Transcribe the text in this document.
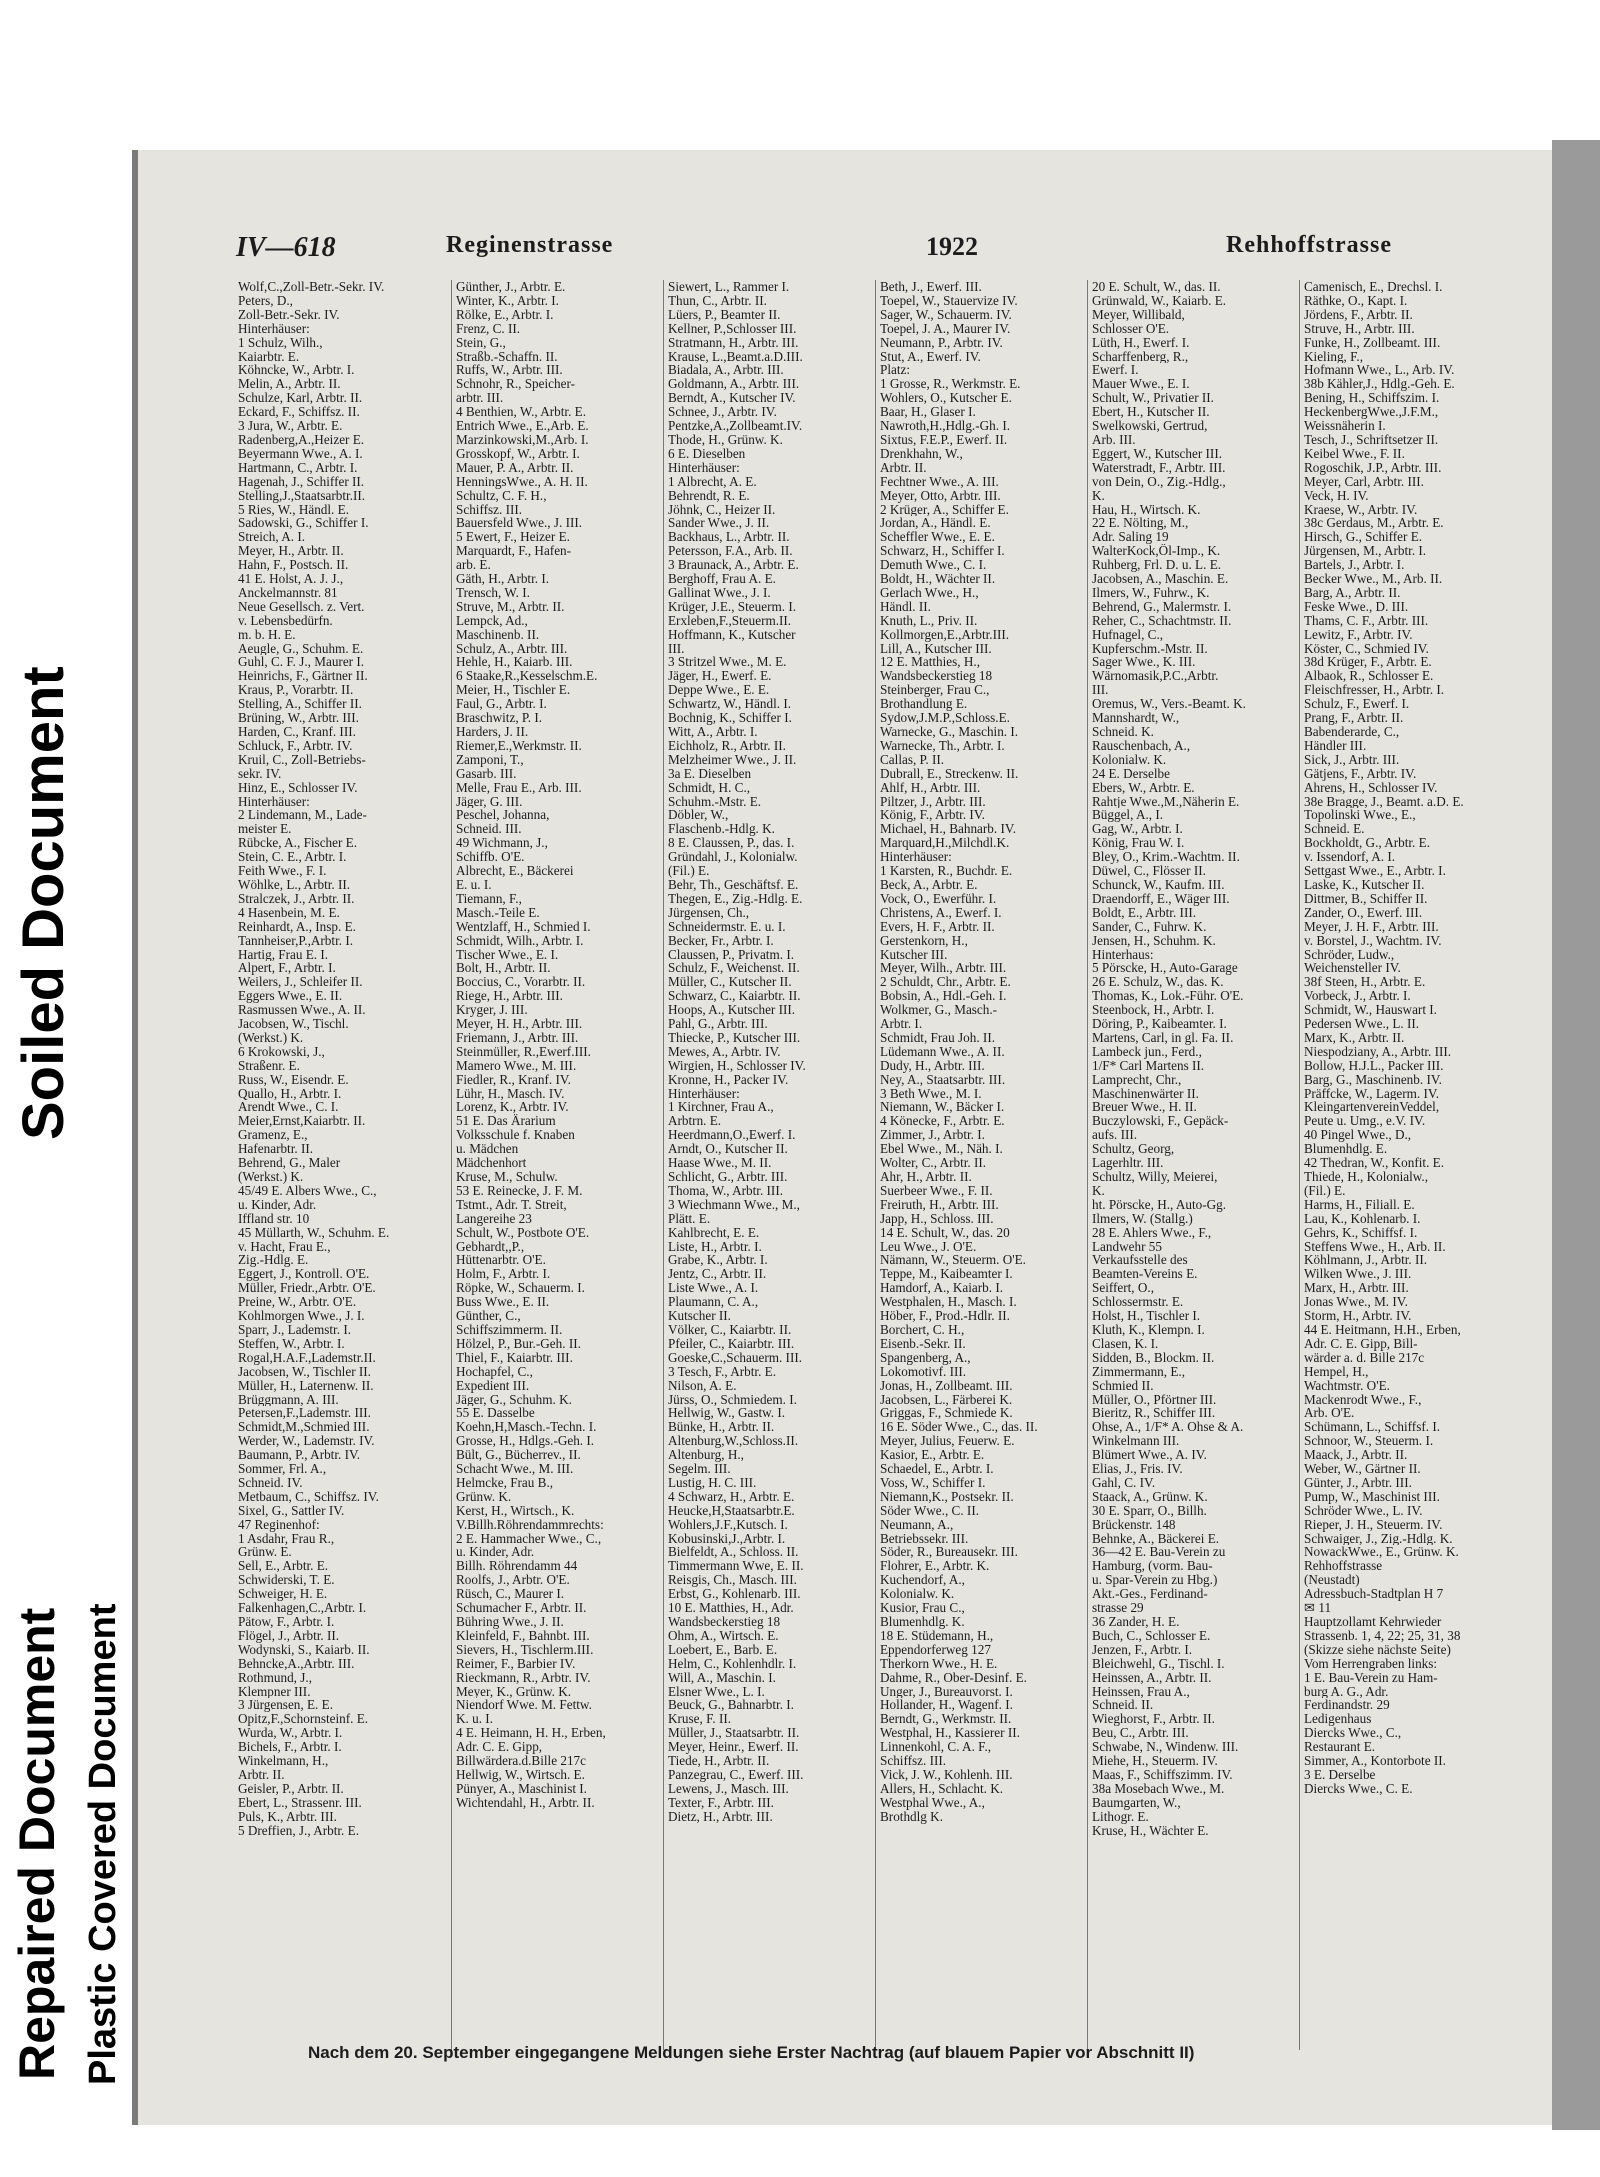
Soiled Document
Repaired Document Plastic Covered Document
IV—618	Reginenstrasse	1922	Rehhoffstrasse
Wolf,C.,Zoll-Betr.-Sekr. IV.
Peters, D.,
Zoll-Betr.-Sekr. IV.
Hinterhäuser:
1 Schulz, Wilh.,
Kaiarbtr. E.
Köhncke, W., Arbtr. I.
Melin, A., Arbtr. II.
Schulze, Karl, Arbtr. II.
Eckard, F., Schiffsz. II.
3 Jura, W., Arbtr. E.
Radenberg,A.,Heizer E.
Beyermann Wwe., A. I.
Hartmann, C., Arbtr. I.
Hagenah, J., Schiffer II.
Stelling,J.,Staatsarbtr.II.
5 Ries, W., Händl. E.
Sadowski, G., Schiffer I.
Streich, A. I.
Meyer, H., Arbtr. II.
Hahn, F., Postsch. II.
41 E. Holst, A. J. J.,
Anckelmannstr. 81
Neue Gesellsch. z. Vert.
v. Lebensbedürfn.
m. b. H. E.
Aeugle, G., Schuhm. E.
Guhl, C. F. J., Maurer I.
Heinrichs, F., Gärtner II.
Kraus, P., Vorarbtr. II.
Stelling, A., Schiffer II.
Brüning, W., Arbtr. III.
Harden, C., Kranf. III.
Schluck, F., Arbtr. IV.
Kruil, C., Zoll-Betriebs-
sekr. IV.
Hinz, E., Schlosser IV.
Hinterhäuser:
2 Lindemann, M., Lade-
meister E.
Rübcke, A., Fischer E.
Stein, C. E., Arbtr. I.
Feith Wwe., F. I.
Wöhlke, L., Arbtr. II.
Stralczek, J., Arbtr. II.
4 Hasenbein, M. E.
Reinhardt, A., Insp. E.
Tannheiser,P.,Arbtr. I.
Hartig, Frau E. I.
Alpert, F., Arbtr. I.
Weilers, J., Schleifer II.
Eggers Wwe., E. II.
Rasmussen Wwe., A. II.
Jacobsen, W., Tischl.
(Werkst.) K.
6 Krokowski, J.,
Straßenr. E.
Russ, W., Eisendr. E.
Quallo, H., Arbtr. I.
Arendt Wwe., C. I.
Meier,Ernst,Kaiarbtr. II.
Gramenz, E.,
Hafenarbtr. II.
Behrend, G., Maler
(Werkst.) K.
45/49 E. Albers Wwe., C.,
u. Kinder, Adr.
Iffland str. 10
45 Müllarth, W., Schuhm. E.
v. Hacht, Frau E.,
Zig.-Hdlg. E.
Eggert, J., Kontroll. O'E.
Müller, Friedr.,Arbtr. O'E.
Preine, W., Arbtr. O'E.
Kohlmorgen Wwe., J. I.
Sparr, J., Lademstr. I.
Steffen, W., Arbtr. I.
Rogal,H.A.F.,Lademstr.II.
Jacobsen, W., Tischler II.
Müller, H., Laternenw. II.
Brüggmann, A. III.
Petersen,F.,Lademstr. III.
Schmidt,M.,Schmied III.
Werder, W., Lademstr. IV.
Baumann, P., Arbtr. IV.
Sommer, Frl. A.,
Schneid. IV.
Metbaum, C., Schiffsz. IV.
Sixel, G., Sattler IV.
47 Reginenhof:
1 Asdahr, Frau R.,
Grünw. E.
Sell, E., Arbtr. E.
Schwiderski, T. E.
Schweiger, H. E.
Falkenhagen,C.,Arbtr. I.
Pätow, F., Arbtr. I.
Flögel, J., Arbtr. II.
Wodynski, S., Kaiarb. II.
Behncke,A.,Arbtr. III.
Rothmund, J.,
Klempner III.
3 Jürgensen, E. E.
Opitz,F.,Schornsteinf. E.
Wurda, W., Arbtr. I.
Bichels, F., Arbtr. I.
Winkelmann, H.,
Arbtr. II.
Geisler, P., Arbtr. II.
Ebert, L., Strassenr. III.
Puls, K., Arbtr. III.
5 Dreffien, J., Arbtr. E.
Günther, J., Arbtr. E.
Winter, K., Arbtr. I.
Rölke, E., Arbtr. I.
Frenz, C. II.
Stein, G.,
Straßb.-Schaffn. II.
Ruffs, W., Arbtr. III.
Schnohr, R., Speicher-
arbtr. III.
4 Benthien, W., Arbtr. E.
Entrich Wwe., E.,Arb. E.
Marzinkowski,M.,Arb. I.
Grosskopf, W., Arbtr. I.
Mauer, P. A., Arbtr. II.
HenningsWwe., A. H. II.
Schultz, C. F. H.,
Schiffsz. III.
Bauersfeld Wwe., J. III.
5 Ewert, F., Heizer E.
Marquardt, F., Hafen-
arb. E.
Gäth, H., Arbtr. I.
Trensch, W. I.
Struve, M., Arbtr. II.
Lempck, Ad.,
Maschinenb. II.
Schulz, A., Arbtr. III.
Hehle, H., Kaiarb. III.
6 Staake,R.,Kesselschm.E.
Meier, H., Tischler E.
Faul, G., Arbtr. I.
Braschwitz, P. I.
Harders, J. II.
Riemer,E.,Werkmstr. II.
Zamponi, T.,
Gasarb. III.
Melle, Frau E., Arb. III.
Jäger, G. III.
Peschel, Johanna,
Schneid. III.
49 Wichmann, J.,
Schiffb. O'E.
Albrecht, E., Bäckerei
E. u. I.
Tiemann, F.,
Masch.-Teile E.
Wentzlaff, H., Schmied I.
Schmidt, Wilh., Arbtr. I.
Tischer Wwe., E. I.
Bolt, H., Arbtr. II.
Boccius, C., Vorarbtr. II.
Riege, H., Arbtr. III.
Kryger, J. III.
Meyer, H. H., Arbtr. III.
Friemann, J., Arbtr. III.
Steinmüller, R.,Ewerf.III.
Mamero Wwe., M. III.
Fiedler, R., Kranf. IV.
Lühr, H., Masch. IV.
Lorenz, K., Arbtr. IV.
51 E. Das Ärarium
Volksschule f. Knaben
u. Mädchen
Mädchenhort
Kruse, M., Schulw.
53 E. Reinecke, J. F. M.
Tstmt., Adr. T. Streit,
Langereihe 23
Schult, W., Postbote O'E.
Gebhardt,,P.,
Hüttenarbtr. O'E.
Holm, F., Arbtr. I.
Röpke, W., Schauerm. I.
Buss Wwe., E. II.
Günther, C.,
Schiffszimmerm. II.
Hölzel, P., Bur.-Geh. II.
Thiel, F., Kaiarbtr. III.
Hochapfel, C.,
Expedient III.
Jäger, G., Schuhm. K.
55 E. Dasselbe
Koehn,H,Masch.-Techn. I.
Grosse, H., Hdlgs.-Geh. I.
Bült, G., Bücherrev., II.
Schacht Wwe., M. III.
Helmcke, Frau B.,
Grünw. K.
Kerst, H., Wirtsch., K.
V.Billh.Röhrendammrechts:
2 E. Hammacher Wwe., C.,
u. Kinder, Adr.
Billh. Röhrendamm 44
Roolfs, J., Arbtr. O'E.
Rüsch, C., Maurer I.
Schumacher F., Arbtr. II.
Bühring Wwe., J. II.
Kleinfeld, F., Bahnbt. III.
Sievers, H., Tischlerm.III.
Reimer, F., Barbier IV.
Rieckmann, R., Arbtr. IV.
Meyer, K., Grünw. K.
Niendorf Wwe. M. Fettw.
K. u. I.
4 E. Heimann, H. H., Erben,
Adr. C. E. Gipp,
Billwärdera.d.Bille 217c
Hellwig, W., Wirtsch. E.
Pünyer, A., Maschinist I.
Wichtendahl, H., Arbtr. II.
Siewert, L., Rammer I.
Thun, C., Arbtr. II.
Lüers, P., Beamter II.
Kellner, P.,Schlosser III.
Stratmann, H., Arbtr. III.
Krause, L.,Beamt.a.D.III.
Biadala, A., Arbtr. III.
Goldmann, A., Arbtr. III.
Berndt, A., Kutscher IV.
Schnee, J., Arbtr. IV.
Pentzke,A.,Zollbeamt.IV.
Thode, H., Grünw. K.
6 E. Dieselben
Hinterhäuser:
1 Albrecht, A. E.
Behrendt, R. E.
Jöhnk, C., Heizer II.
Sander Wwe., J. II.
Backhaus, L., Arbtr. II.
Petersson, F.A., Arb. II.
3 Braunack, A., Arbtr. E.
Berghoff, Frau A. E.
Gallinat Wwe., J. I.
Krüger, J.E., Steuerm. I.
Erxleben,F.,Steuerm.II.
Hoffmann, K., Kutscher
III.
3 Stritzel Wwe., M. E.
Jäger, H., Ewerf. E.
Deppe Wwe., E. E.
Schwartz, W., Händl. I.
Bochnig, K., Schiffer I.
Witt, A., Arbtr. I.
Eichholz, R., Arbtr. II.
Melzheimer Wwe., J. II.
3a E. Dieselben
Schmidt, H. C.,
Schuhm.-Mstr. E.
Döbler, W.,
Flaschenb.-Hdlg. K.
8 E. Claussen, P., das. I.
Gründahl, J., Kolonialw.
(Fil.) E.
Behr, Th., Geschäftsf. E.
Thegen, E., Zig.-Hdlg. E.
Jürgensen, Ch.,
Schneidermstr. E. u. I.
Becker, Fr., Arbtr. I.
Claussen, P., Privatm. I.
Schulz, F., Weichenst. II.
Müller, C., Kutscher II.
Schwarz, C., Kaiarbtr. II.
Hoops, A., Kutscher III.
Pahl, G., Arbtr. III.
Thiecke, P., Kutscher III.
Mewes, A., Arbtr. IV.
Wirgien, H., Schlosser IV.
Kronne, H., Packer IV.
Hinterhäuser:
1 Kirchner, Frau A.,
Arbtrn. E.
Heerdmann,O.,Ewerf. I.
Arndt, O., Kutscher II.
Haase Wwe., M. II.
Schlicht, G., Arbtr. III.
Thoma, W., Arbtr. III.
3 Wiechmann Wwe., M.,
Plätt. E.
Kahlbrecht, E. E.
Liste, H., Arbtr. I.
Grabe, K., Arbtr. I.
Jentz, C., Arbtr. II.
Liste Wwe., A. I.
Plaumann, C. A.,
Kutscher II.
Völker, C., Kaiarbtr. II.
Pfeiler, C., Kaiarbtr. III.
Goeske,C.,Schauerm. III.
3 Tesch, F., Arbtr. E.
Nilson, A. E.
Jürss, O., Schmiedem. I.
Hellwig, W., Gastw. I.
Bünke, H., Arbtr. II.
Altenburg,W.,Schloss.II.
Altenburg, H.,
Segelm. III.
Lustig, H. C. III.
4 Schwarz, H., Arbtr. E.
Heucke,H,Staatsarbtr.E.
Wohlers,J.F.,Kutsch. I.
Kobusinski,J.,Arbtr. I.
Bielfeldt, A., Schloss. II.
Timmermann Wwe, E. II.
Reisgis, Ch., Masch. III.
Erbst, G., Kohlenarb. III.
10 E. Matthies, H., Adr.
Wandsbeckerstieg 18
Ohm, A., Wirtsch. E.
Loebert, E., Barb. E.
Helm, C., Kohlenhdlr. I.
Will, A., Maschin. I.
Elsner Wwe., L. I.
Beuck, G., Bahnarbtr. I.
Kruse, F. II.
Müller, J., Staatsarbtr. II.
Meyer, Heinr., Ewerf. II.
Tiede, H., Arbtr. II.
Panzegrau, C., Ewerf. III.
Lewens, J., Masch. III.
Texter, F., Arbtr. III.
Dietz, H., Arbtr. III.
Beth, J., Ewerf. III.
Toepel, W., Stauervize IV.
Sager, W., Schauerm. IV.
Toepel, J. A., Maurer IV.
Neumann, P., Arbtr. IV.
Stut, A., Ewerf. IV.
Platz:
1 Grosse, R., Werkmstr. E.
Wohlers, O., Kutscher E.
Baar, H., Glaser I.
Nawroth,H.,Hdlg.-Gh. I.
Sixtus, F.E.P., Ewerf. II.
Drenkhahn, W.,
Arbtr. II.
Fechtner Wwe., A. III.
Meyer, Otto, Arbtr. III.
2 Krüger, A., Schiffer E.
Jordan, A., Händl. E.
Scheffler Wwe., E. E.
Schwarz, H., Schiffer I.
Demuth Wwe., C. I.
Boldt, H., Wächter II.
Gerlach Wwe., H.,
Händl. II.
Knuth, L., Priv. II.
Kollmorgen,E.,Arbtr.III.
Lill, A., Kutscher III.
12 E. Matthies, H.,
Wandsbeckerstieg 18
Steinberger, Frau C.,
Brothandlung E.
Sydow,J.M.P.,Schloss.E.
Warnecke, G., Maschin. I.
Warnecke, Th., Arbtr. I.
Callas, P. II.
Dubrall, E., Streckenw. II.
Ahlf, H., Arbtr. III.
Piltzer, J., Arbtr. III.
König, F., Arbtr. IV.
Michael, H., Bahnarb. IV.
Marquard,H.,Milchdl.K.
Hinterhäuser:
1 Karsten, R., Buchdr. E.
Beck, A., Arbtr. E.
Vock, O., Ewerführ. I.
Christens, A., Ewerf. I.
Evers, H. F., Arbtr. II.
Gerstenkorn, H.,
Kutscher III.
Meyer, Wilh., Arbtr. III.
2 Schuldt, Chr., Arbtr. E.
Bobsin, A., Hdl.-Geh. I.
Wolkmer, G., Masch.-
Arbtr. I.
Schmidt, Frau Joh. II.
Lüdemann Wwe., A. II.
Dudy, H., Arbtr. III.
Ney, A., Staatsarbtr. III.
3 Beth Wwe., M. I.
Niemann, W., Bäcker I.
4 Könecke, F., Arbtr. E.
Zimmer, J., Arbtr. I.
Ebel Wwe., M., Näh. I.
Wolter, C., Arbtr. II.
Ahr, H., Arbtr. II.
Suerbeer Wwe., F. II.
Freiruth, H., Arbtr. III.
Japp, H., Schloss. III.
14 E. Schult, W., das. 20
Leu Wwe., J. O'E.
Nämann, W., Steuerm. O'E.
Teppe, M., Kaibeamter I.
Hamdorf, A., Kaiarb. I.
Westphalen, H., Masch. I.
Höber, F., Prod.-Hdlr. II.
Borchert, C. H.,
Eisenb.-Sekr. II.
Spangenberg, A.,
Lokomotivf. III.
Jonas, H., Zollbeamt. III.
Jacobsen, L., Färberei K.
Griggas, F., Schmiede K.
16 E. Söder Wwe., C., das. II.
Meyer, Julius, Feuerw. E.
Kasior, E., Arbtr. E.
Schaedel, E., Arbtr. I.
Voss, W., Schiffer I.
Niemann,K., Postsekr. II.
Söder Wwe., C. II.
Neumann, A.,
Betriebssekr. III.
Söder, R., Bureausekr. III.
Flohrer, E., Arbtr. K.
Kuchendorf, A.,
Kolonialw. K.
Kusior, Frau C.,
Blumenhdlg. K.
18 E. Stüdemann, H.,
Eppendorferweg 127
Therkorn Wwe., H. E.
Dahme, R., Ober-Desinf. E.
Unger, J., Bureauvorst. I.
Hollander, H., Wagenf. I.
Berndt, G., Werkmstr. II.
Westphal, H., Kassierer II.
Linnenkohl, C. A. F.,
Schiffsz. III.
Vick, J. W., Kohlenh. III.
Allers, H., Schlacht. K.
Westphal Wwe., A.,
Brothdlg K.
20 E. Schult, W., das. II.
Grünwald, W., Kaiarb. E.
Meyer, Willibald,
Schlosser O'E.
Lüth, H., Ewerf. I.
Scharffenberg, R.,
Ewerf. I.
Mauer Wwe., E. I.
Schult, W., Privatier II.
Ebert, H., Kutscher II.
Swelkowski, Gertrud,
Arb. III.
Eggert, W., Kutscher III.
Waterstradt, F., Arbtr. III.
von Dein, O., Zig.-Hdlg.,
K.
Hau, H., Wirtsch. K.
22 E. Nölting, M.,
Adr. Saling 19
WalterKock,Öl-Imp., K.
Ruhberg, Frl. D. u. L. E.
Jacobsen, A., Maschin. E.
Ilmers, W., Fuhrw., K.
Behrend, G., Malermstr. I.
Reher, C., Schachtmstr. II.
Hufnagel, C.,
Kupferschm.-Mstr. II.
Sager Wwe., K. III.
Wärnomasik,P.C.,Arbtr.
III.
Oremus, W., Vers.-Beamt. K.
Mannshardt, W.,
Schneid. K.
Rauschenbach, A.,
Kolonialw. K.
24 E. Derselbe
Ebers, W., Arbtr. E.
Rahtje Wwe.,M.,Näherin E.
Büggel, A., I.
Gag, W., Arbtr. I.
König, Frau W. I.
Bley, O., Krim.-Wachtm. II.
Düwel, C., Flösser II.
Schunck, W., Kaufm. III.
Draendorff, E., Wäger III.
Boldt, E., Arbtr. III.
Sander, C., Fuhrw. K.
Jensen, H., Schuhm. K.
Hinterhaus:
5 Pörscke, H., Auto-Garage
26 E. Schulz, W., das. K.
Thomas, K., Lok.-Führ. O'E.
Steenbock, H., Arbtr. I.
Döring, P., Kaibeamter. I.
Martens, Carl, in gl. Fa. II.
Lambeck jun., Ferd.,
1/F* Carl Martens II.
Lamprecht, Chr.,
Maschinenwärter II.
Breuer Wwe., H. II.
Buczylowski, F., Gepäck-
aufs. III.
Schultz, Georg,
Lagerhltr. III.
Schultz, Willy, Meierei,
K.
ht. Pörscke, H., Auto-Gg.
Ilmers, W. (Stallg.)
28 E. Ahlers Wwe., F.,
Landwehr 55
Verkaufsstelle des
Beamten-Vereins E.
Seiffert, O.,
Schlossermstr. E.
Holst, H., Tischler I.
Kluth, K., Klempn. I.
Clasen, K. I.
Sidden, B., Blockm. II.
Zimmermann, E.,
Schmied II.
Müller, O., Pförtner III.
Bieritz, R., Schiffer III.
Ohse, A., 1/F* A. Ohse & A.
Winkelmann III.
Blümert Wwe., A. IV.
Elias, J., Fris. IV.
Gahl, C. IV.
Staack, A., Grünw. K.
30 E. Sparr, O., Billh.
Brückenstr. 148
Behnke, A., Bäckerei E.
36—42 E. Bau-Verein zu
Hamburg, (vorm. Bau-
u. Spar-Verein zu Hbg.)
Akt.-Ges., Ferdinand-
strasse 29
36 Zander, H. E.
Buch, C., Schlosser E.
Jenzen, F., Arbtr. I.
Bleichwehl, G., Tischl. I.
Heinssen, A., Arbtr. II.
Heinssen, Frau A.,
Schneid. II.
Wieghorst, F., Arbtr. II.
Beu, C., Arbtr. III.
Schwabe, N., Windenw. III.
Miehe, H., Steuerm. IV.
Maas, F., Schiffszimm. IV.
38a Mosebach Wwe., M.
Baumgarten, W.,
Lithogr. E.
Kruse, H., Wächter E.
Camenisch, E., Drechsl. I.
Räthke, O., Kapt. I.
Jördens, F., Arbtr. II.
Struve, H., Arbtr. III.
Funke, H., Zollbeamt. III.
Kieling, F.,
Hofmann Wwe., L., Arb. IV.
38b Kähler,J., Hdlg.-Geh. E.
Bening, H., Schiffszim. I.
HeckenbergWwe.,J.F.M.,
Weissnäherin I.
Tesch, J., Schriftsetzer II.
Keibel Wwe., F. II.
Rogoschik, J.P., Arbtr. III.
Meyer, Carl, Arbtr. III.
Veck, H. IV.
Kraese, W., Arbtr. IV.
38c Gerdaus, M., Arbtr. E.
Hirsch, G., Schiffer E.
Jürgensen, M., Arbtr. I.
Bartels, J., Arbtr. I.
Becker Wwe., M., Arb. II.
Barg, A., Arbtr. II.
Feske Wwe., D. III.
Thams, C. F., Arbtr. III.
Lewitz, F., Arbtr. IV.
Köster, C., Schmied IV.
38d Krüger, F., Arbtr. E.
Albaok, R., Schlosser E.
Fleischfresser, H., Arbtr. I.
Schulz, F., Ewerf. I.
Prang, F., Arbtr. II.
Babenderarde, C.,
Händler III.
Sick, J., Arbtr. III.
Gätjens, F., Arbtr. IV.
Ahrens, H., Schlosser IV.
38e Bragge, J., Beamt. a.D. E.
Topolinski Wwe., E.,
Schneid. E.
Bockholdt, G., Arbtr. E.
v. Issendorf, A. I.
Settgast Wwe., E., Arbtr. I.
Laske, K., Kutscher II.
Dittmer, B., Schiffer II.
Zander, O., Ewerf. III.
Meyer, J. H. F., Arbtr. III.
v. Borstel, J., Wachtm. IV.
Schröder, Ludw.,
Weichensteller IV.
38f Steen, H., Arbtr. E.
Vorbeck, J., Arbtr. I.
Schmidt, W., Hauswart I.
Pedersen Wwe., L. II.
Marx, K., Arbtr. II.
Niespodziany, A., Arbtr. III.
Bollow, H.J.L., Packer III.
Barg, G., Maschinenb. IV.
Präffcke, W., Lagerm. IV.
KleingartenvereinVeddel,
Peute u. Umg., e.V. IV.
40 Pingel Wwe., D.,
Blumenhdlg. E.
42 Thedran, W., Konfit. E.
Thiede, H., Kolonialw.,
(Fil.) E.
Harms, H., Filiall. E.
Lau, K., Kohlenarb. I.
Gehrs, K., Schiffsf. I.
Steffens Wwe., H., Arb. II.
Köhlmann, J., Arbtr. II.
Wilken Wwe., J. III.
Marx, H., Arbtr. III.
Jonas Wwe., M. IV.
Storm, H., Arbtr. IV.
44 E. Heitmann, H.H., Erben,
Adr. C. E. Gipp, Bill-
wärder a. d. Bille 217c
Hempel, H.,
Wachtmstr. O'E.
Mackenrodt Wwe., F.,
Arb. O'E.
Schümann, L., Schiffsf. I.
Schnoor, W., Steuerm. I.
Maack, J., Arbtr. II.
Weber, W., Gärtner II.
Günter, J., Arbtr. III.
Pump, W., Maschinist III.
Schröder Wwe., L. IV.
Rieper, J. H., Steuerm. IV.
Schwaiger, J., Zig.-Hdlg. K.
NowackWwe., E., Grünw. K.
Rehhoffstrasse
(Neustadt)
Adressbuch-Stadtplan H 7
✉ 11
Hauptzollamt Kehrwieder
Strassenb. 1, 4, 22; 25, 31, 38
(Skizze siehe nächste Seite)
Vom Herrengraben links:
1 E. Bau-Verein zu Ham-
burg A. G., Adr.
Ferdinandstr. 29
Ledigenhaus
Diercks Wwe., C.,
Restaurant E.
Simmer, A., Kontorbote II.
3 E. Derselbe
Diercks Wwe., C. E.
Nach dem 20. September eingegangene Meldungen siehe Erster Nachtrag (auf blauem Papier vor Abschnitt II)
